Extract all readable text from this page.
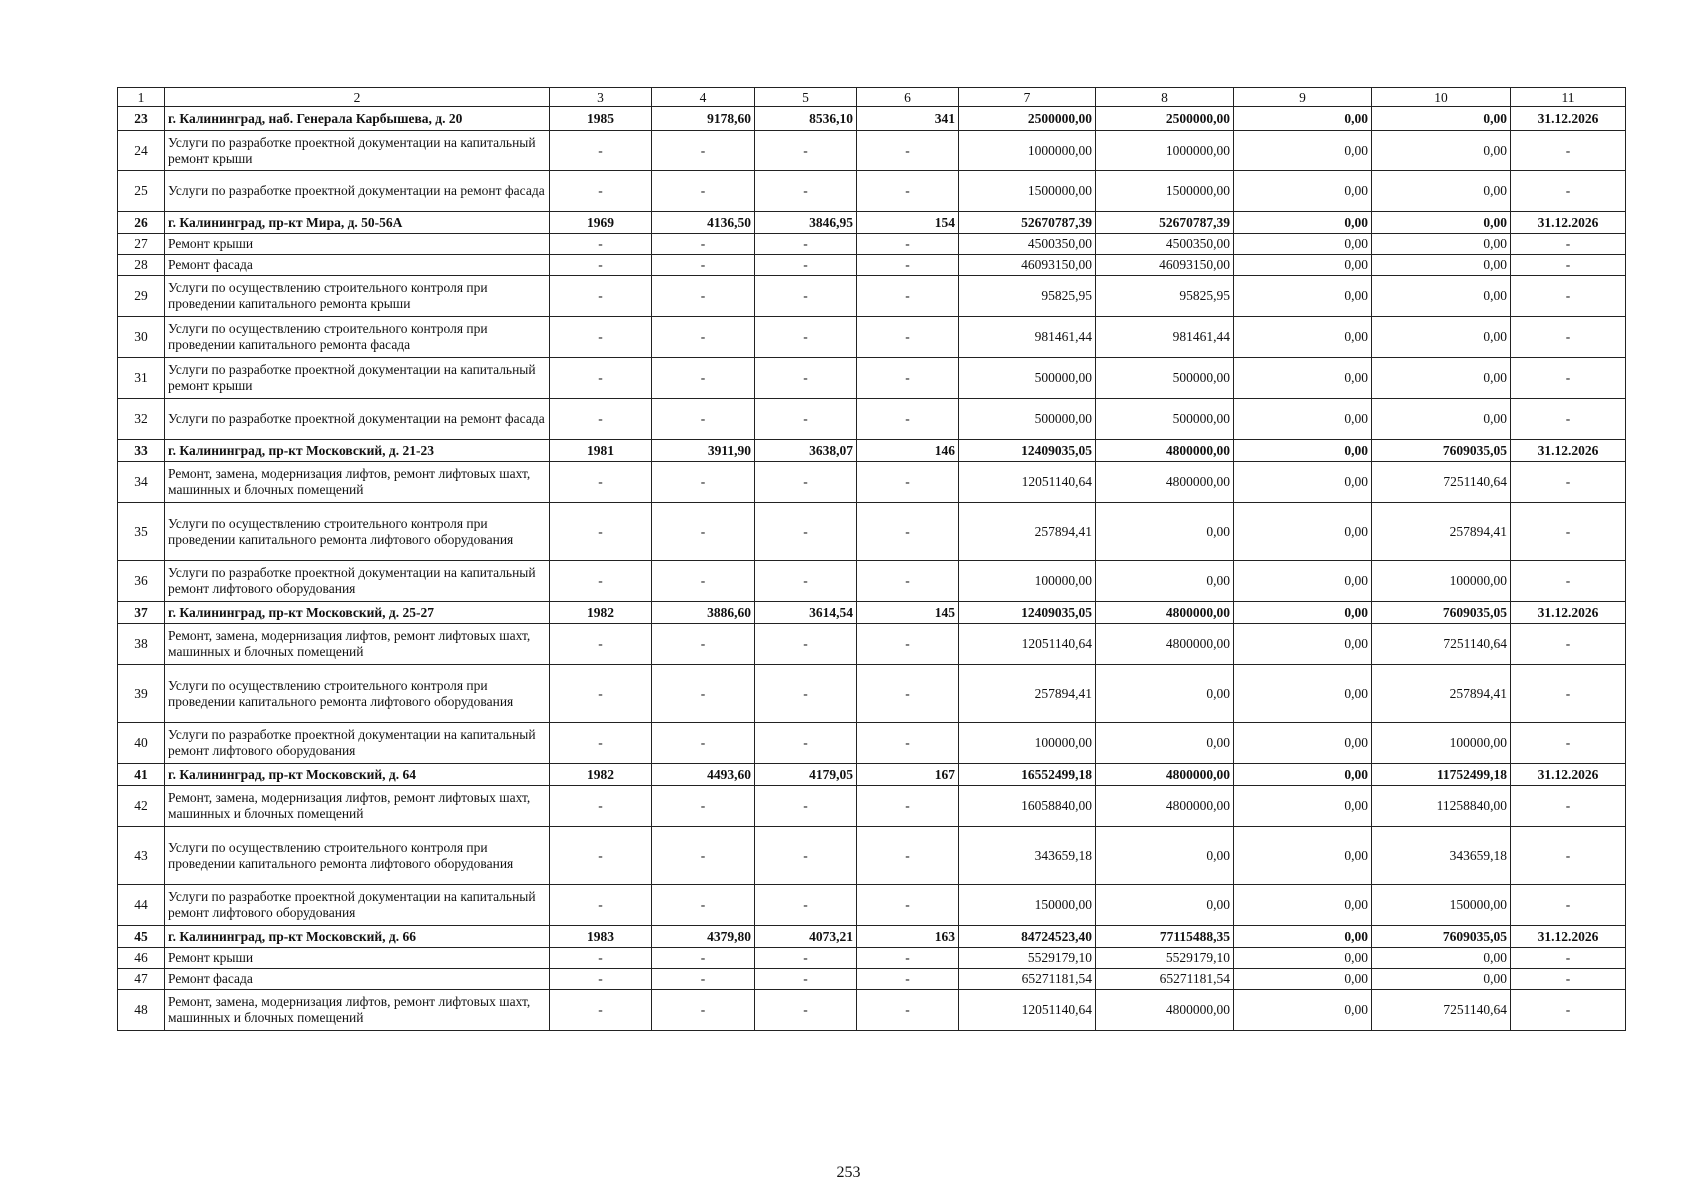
1	2	3	4	5	6	7	8	9	10	11
23	г. Калининград, наб. Генерала Карбышева, д. 20	1985	9178,60	8536,10	341	2500000,00	2500000,00	0,00	0,00	31.12.2026
24	Услуги по разработке проектной документации на капитальный ремонт крыши	-	-	-	-	1000000,00	1000000,00	0,00	0,00	-
25	Услуги по разработке проектной документации на ремонт фасада	-	-	-	-	1500000,00	1500000,00	0,00	0,00	-
26	г. Калининград, пр-кт Мира, д. 50-56А	1969	4136,50	3846,95	154	52670787,39	52670787,39	0,00	0,00	31.12.2026
27	Ремонт крыши	-	-	-	-	4500350,00	4500350,00	0,00	0,00	-
28	Ремонт фасада	-	-	-	-	46093150,00	46093150,00	0,00	0,00	-
29	Услуги по осуществлению строительного контроля при проведении капитального ремонта крыши	-	-	-	-	95825,95	95825,95	0,00	0,00	-
30	Услуги по осуществлению строительного контроля при проведении капитального ремонта фасада	-	-	-	-	981461,44	981461,44	0,00	0,00	-
31	Услуги по разработке проектной документации на капитальный ремонт крыши	-	-	-	-	500000,00	500000,00	0,00	0,00	-
32	Услуги по разработке проектной документации на ремонт фасада	-	-	-	-	500000,00	500000,00	0,00	0,00	-
33	г. Калининград, пр-кт Московский, д. 21-23	1981	3911,90	3638,07	146	12409035,05	4800000,00	0,00	7609035,05	31.12.2026
34	Ремонт, замена, модернизация лифтов, ремонт лифтовых шахт, машинных и блочных помещений	-	-	-	-	12051140,64	4800000,00	0,00	7251140,64	-
35	Услуги по осуществлению строительного контроля при проведении капитального ремонта лифтового оборудования	-	-	-	-	257894,41	0,00	0,00	257894,41	-
36	Услуги по разработке проектной документации на капитальный ремонт лифтового оборудования	-	-	-	-	100000,00	0,00	0,00	100000,00	-
37	г. Калининград, пр-кт Московский, д. 25-27	1982	3886,60	3614,54	145	12409035,05	4800000,00	0,00	7609035,05	31.12.2026
38	Ремонт, замена, модернизация лифтов, ремонт лифтовых шахт, машинных и блочных помещений	-	-	-	-	12051140,64	4800000,00	0,00	7251140,64	-
39	Услуги по осуществлению строительного контроля при проведении капитального ремонта лифтового оборудования	-	-	-	-	257894,41	0,00	0,00	257894,41	-
40	Услуги по разработке проектной документации на капитальный ремонт лифтового оборудования	-	-	-	-	100000,00	0,00	0,00	100000,00	-
41	г. Калининград, пр-кт Московский, д. 64	1982	4493,60	4179,05	167	16552499,18	4800000,00	0,00	11752499,18	31.12.2026
42	Ремонт, замена, модернизация лифтов, ремонт лифтовых шахт, машинных и блочных помещений	-	-	-	-	16058840,00	4800000,00	0,00	11258840,00	-
43	Услуги по осуществлению строительного контроля при проведении капитального ремонта лифтового оборудования	-	-	-	-	343659,18	0,00	0,00	343659,18	-
44	Услуги по разработке проектной документации на капитальный ремонт лифтового оборудования	-	-	-	-	150000,00	0,00	0,00	150000,00	-
45	г. Калининград, пр-кт Московский, д. 66	1983	4379,80	4073,21	163	84724523,40	77115488,35	0,00	7609035,05	31.12.2026
46	Ремонт крыши	-	-	-	-	5529179,10	5529179,10	0,00	0,00	-
47	Ремонт фасада	-	-	-	-	65271181,54	65271181,54	0,00	0,00	-
48	Ремонт, замена, модернизация лифтов, ремонт лифтовых шахт, машинных и блочных помещений	-	-	-	-	12051140,64	4800000,00	0,00	7251140,64	-
253
